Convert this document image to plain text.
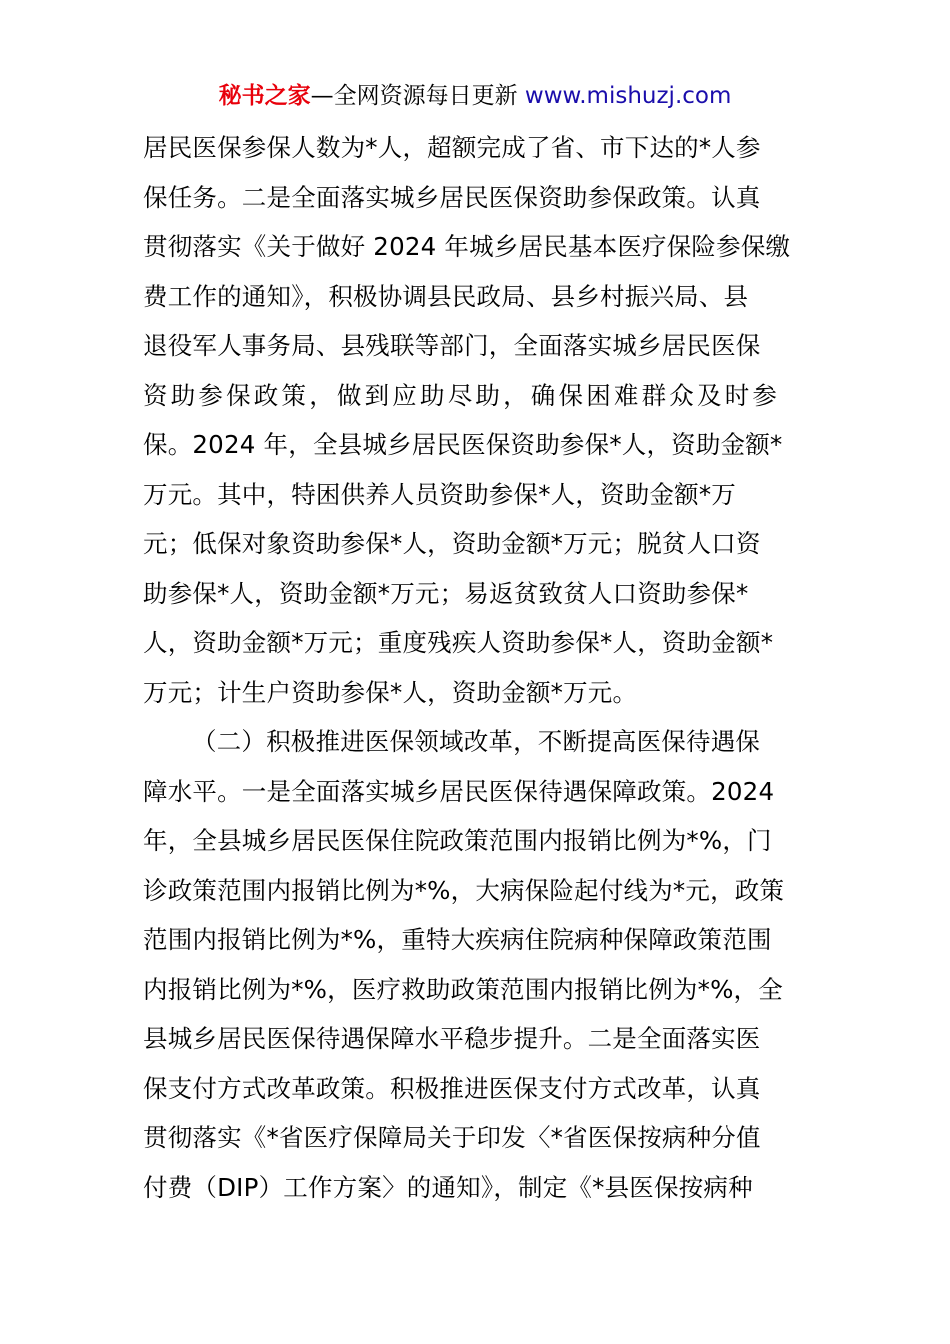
秘书之家—全网资源每日更新 www.mishuzj.com
居民医保参保人数为*人，超额完成了省、市下达的*人参
保任务。二是全面落实城乡居民医保资助参保政策。认真
贯彻落实《关于做好 2024 年城乡居民基本医疗保险参保缴
费工作的通知》，积极协调县民政局、县乡村振兴局、县
退役军人事务局、县残联等部门，全面落实城乡居民医保
资助参保政策，做到应助尽助，确保困难群众及时参
保。2024 年，全县城乡居民医保资助参保*人，资助金额*
万元。其中，特困供养人员资助参保*人，资助金额*万
元；低保对象资助参保*人，资助金额*万元；脱贫人口资
助参保*人，资助金额*万元；易返贫致贫人口资助参保*
人，资助金额*万元；重度残疾人资助参保*人，资助金额*
万元；计生户资助参保*人，资助金额*万元。
（二）积极推进医保领域改革，不断提高医保待遇保
障水平。一是全面落实城乡居民医保待遇保障政策。2024
年，全县城乡居民医保住院政策范围内报销比例为*%，门
诊政策范围内报销比例为*%，大病保险起付线为*元，政策
范围内报销比例为*%，重特大疾病住院病种保障政策范围
内报销比例为*%，医疗救助政策范围内报销比例为*%，全
县城乡居民医保待遇保障水平稳步提升。二是全面落实医
保支付方式改革政策。积极推进医保支付方式改革，认真
贯彻落实《*省医疗保障局关于印发〈*省医保按病种分值
付费（DIP）工作方案〉的通知》，制定《*县医保按病种
